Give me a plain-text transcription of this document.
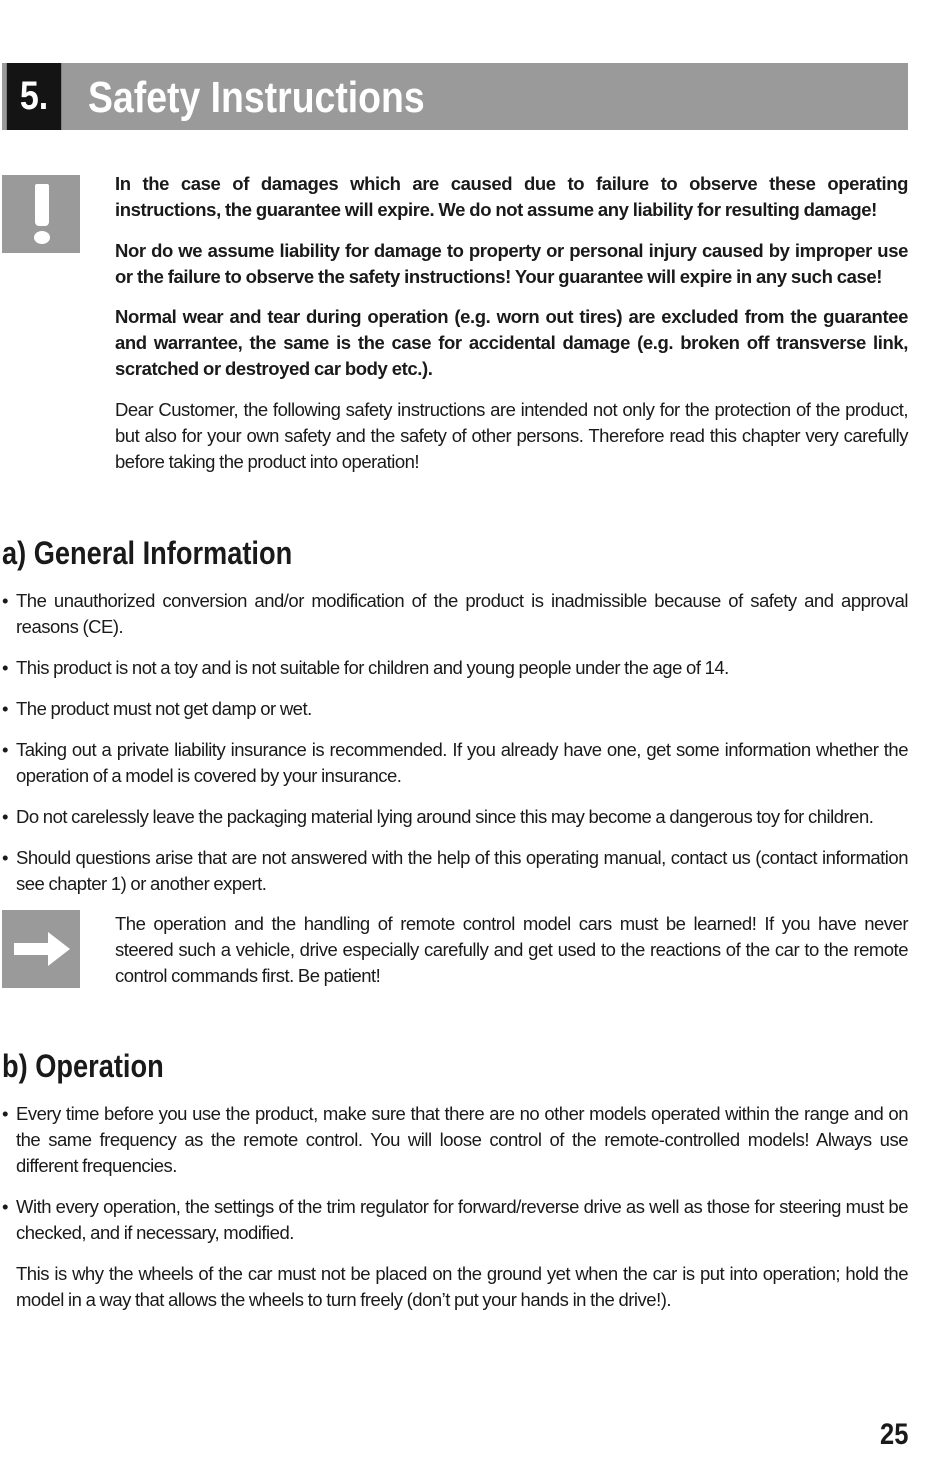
5. Safety Instructions

In the case of damages which are caused due to failure to observe these operating instructions, the guarantee will expire. We do not assume any liability for resulting damage!

Nor do we assume liability for damage to property or personal injury caused by improper use or the failure to observe the safety instructions! Your guarantee will expire in any such case!

Normal wear and tear during operation (e.g. worn out tires) are excluded from the guarantee and warrantee, the same is the case for accidental damage (e.g. broken off transverse link, scratched or destroyed car body etc.).

Dear Customer, the following safety instructions are intended not only for the protection of the product, but also for your own safety and the safety of other persons. Therefore read this chapter very carefully before taking the product into operation!

a) General Information
• The unauthorized conversion and/or modification of the product is inadmissible because of safety and approval reasons (CE).
• This product is not a toy and is not suitable for children and young people under the age of 14.
• The product must not get damp or wet.
• Taking out a private liability insurance is recommended. If you already have one, get some information whether the operation of a model is covered by your insurance.
• Do not carelessly leave the packaging material lying around since this may become a dangerous toy for children.
• Should questions arise that are not answered with the help of this operating manual, contact us (contact information see chapter 1) or another expert.

The operation and the handling of remote control model cars must be learned! If you have never steered such a vehicle, drive especially carefully and get used to the reactions of the car to the remote control commands first. Be patient!

b) Operation
• Every time before you use the product, make sure that there are no other models operated within the range and on the same frequency as the remote control. You will loose control of the remote-controlled models! Always use different frequencies.
• With every operation, the settings of the trim regulator for forward/reverse drive as well as those for steering must be checked, and if necessary, modified.

This is why the wheels of the car must not be placed on the ground yet when the car is put into operation; hold the model in a way that allows the wheels to turn freely (don’t put your hands in the drive!).

25
